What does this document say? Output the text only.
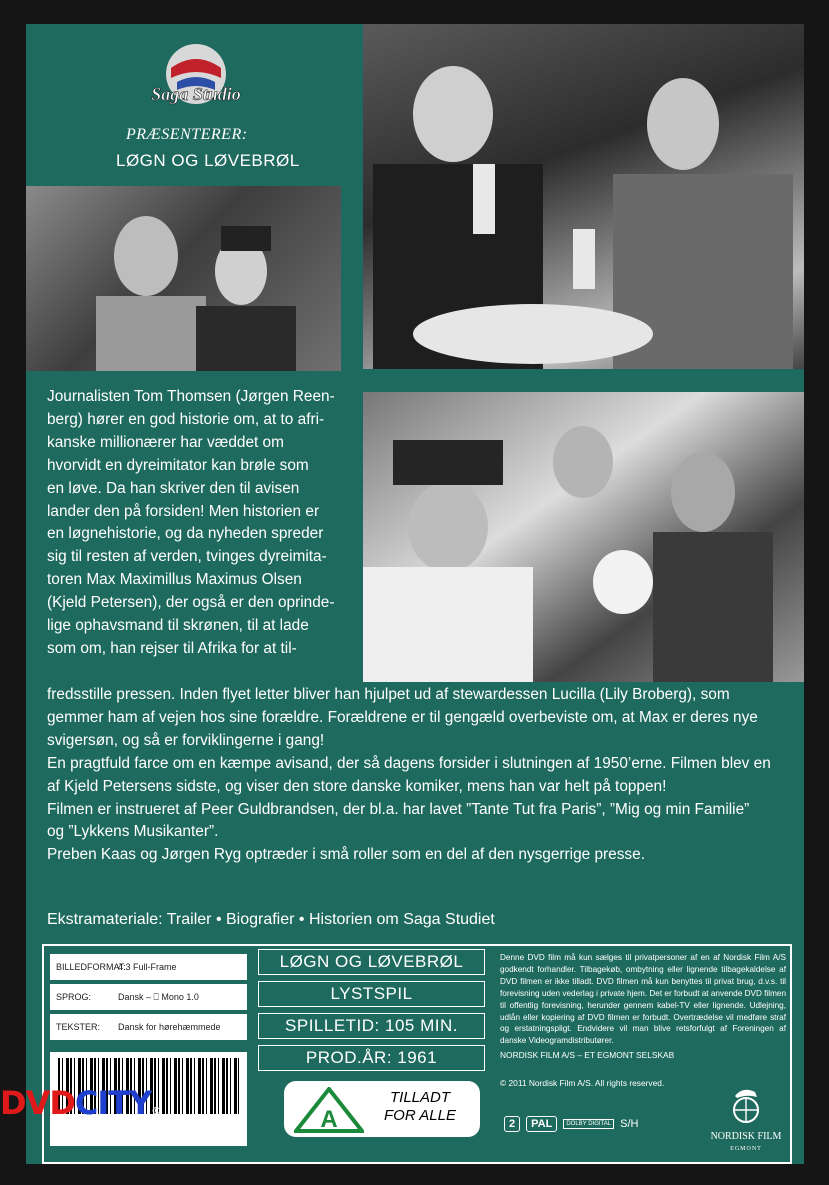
Saga Studio
PRÆSENTERER:
LØGN OG LØVEBRØL
Journalisten Tom Thomsen (Jørgen Reen-
berg) hører en god historie om, at to afri-
kanske millionærer har væddet om
hvorvidt en dyreimitator kan brøle som
en løve. Da han skriver den til avisen
lander den på forsiden! Men historien er
en løgnehistorie, og da nyheden spreder
sig til resten af verden, tvinges dyreimita-
toren Max Maximillus Maximus Olsen
(Kjeld Petersen), der også er den oprinde-
lige ophavsmand til skrønen, til at lade
som om, han rejser til Afrika for at til-
fredsstille pressen. Inden flyet letter bliver han hjulpet ud af stewardessen Lucilla (Lily Broberg), som
gemmer ham af vejen hos sine forældre. Forældrene er til gengæld overbeviste om, at Max er deres nye
svigersøn, og så er forviklingerne i gang!
En pragtfuld farce om en kæmpe avisand, der så dagens forsider i slutningen af 1950’erne. Filmen blev en
af Kjeld Petersens sidste, og viser den store danske komiker, mens han var helt på toppen!
Filmen er instrueret af Peer Guldbrandsen, der bl.a. har lavet ”Tante Tut fra Paris”, ”Mig og min Familie”
og ”Lykkens Musikanter”.
Preben Kaas og Jørgen Ryg optræder i små roller som en del af den nysgerrige presse.
Ekstramateriale: Trailer • Biografier • Historien om Saga Studiet
BILLEDFORMAT:
4.3 Full-Frame
SPROG:	Dansk – ⎕ Mono 1.0
TEKSTER:	Dansk for hørehæmmede
LØGN OG LØVEBRØL
LYSTSPIL
SPILLETID: 105 MIN.
PROD.ÅR: 1961
Denne DVD film må kun sælges til privatpersoner af en af Nordisk Film A/S godkendt forhandler. Tilbagekøb, ombytning eller lignende tilbagekaldelse af DVD filmen er ikke tilladt. DVD filmen må kun benyttes til privat brug, d.v.s. til forevisning uden vederlag i private hjem. Det er forbudt at anvende DVD filmen til offentlig forevisning, herunder gennem kabel-TV eller lignende. Udlejning, udlån eller kopiering af DVD filmen er forbudt. Overtrædelse vil medføre straf og erstatningspligt. Endvidere vil man blive retsforfulgt af Foreningen af danske Videogramdistributører.
NORDISK FILM A/S – ET EGMONT SELSKAB
© 2011 Nordisk Film A/S. All rights reserved.
A
TILLADT
FOR ALLE	2	PAL	DOLBY DIGITAL S/H
NORDISK FILM
EGMONT
DVDCITY®
